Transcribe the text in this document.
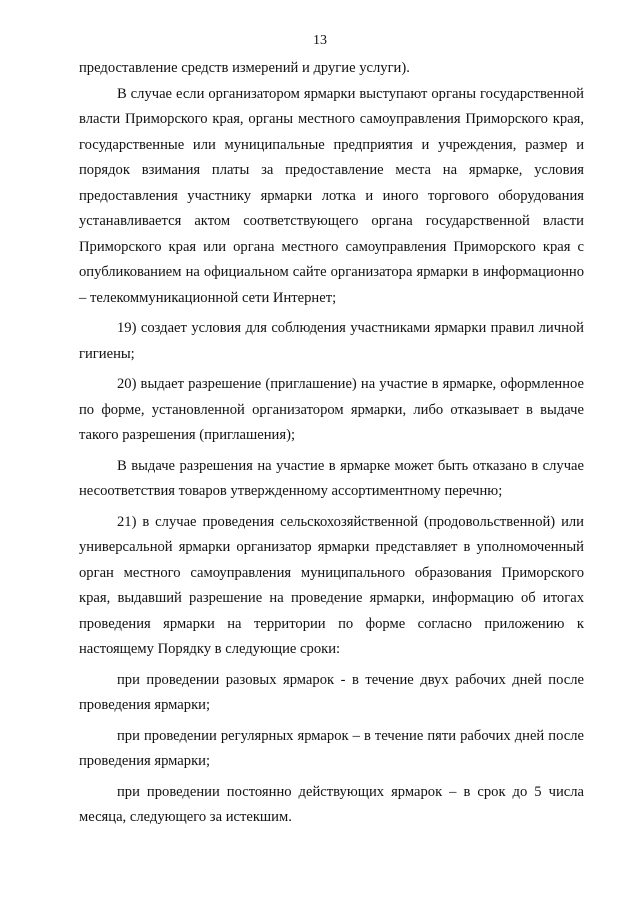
13

предоставление средств измерений и другие услуги).

В случае если организатором ярмарки выступают органы государственной власти Приморского края, органы местного самоуправления Приморского края, государственные или муниципальные предприятия и учреждения, размер и порядок взимания платы за предоставление места на ярмарке, условия предоставления участнику ярмарки лотка и иного торгового оборудования устанавливается актом соответствующего органа государственной власти Приморского края или органа местного самоуправления Приморского края с опубликованием на официальном сайте организатора ярмарки в информационно – телекоммуникационной сети Интернет;

19) создает условия для соблюдения участниками ярмарки правил личной гигиены;

20) выдает разрешение (приглашение) на участие в ярмарке, оформленное по форме, установленной организатором ярмарки, либо отказывает в выдаче такого разрешения (приглашения);

В выдаче разрешения на участие в ярмарке может быть отказано в случае несоответствия товаров утвержденному ассортиментному перечню;

21) в случае проведения сельскохозяйственной (продовольственной) или универсальной ярмарки организатор ярмарки представляет в уполномоченный орган местного самоуправления муниципального образования Приморского края, выдавший разрешение на проведение ярмарки, информацию об итогах проведения ярмарки на территории по форме согласно приложению к настоящему Порядку в следующие сроки:

при проведении разовых ярмарок - в течение двух рабочих дней после проведения ярмарки;

при проведении регулярных ярмарок – в течение пяти рабочих дней после проведения ярмарки;

при проведении постоянно действующих ярмарок – в срок до 5 числа месяца, следующего за истекшим.
